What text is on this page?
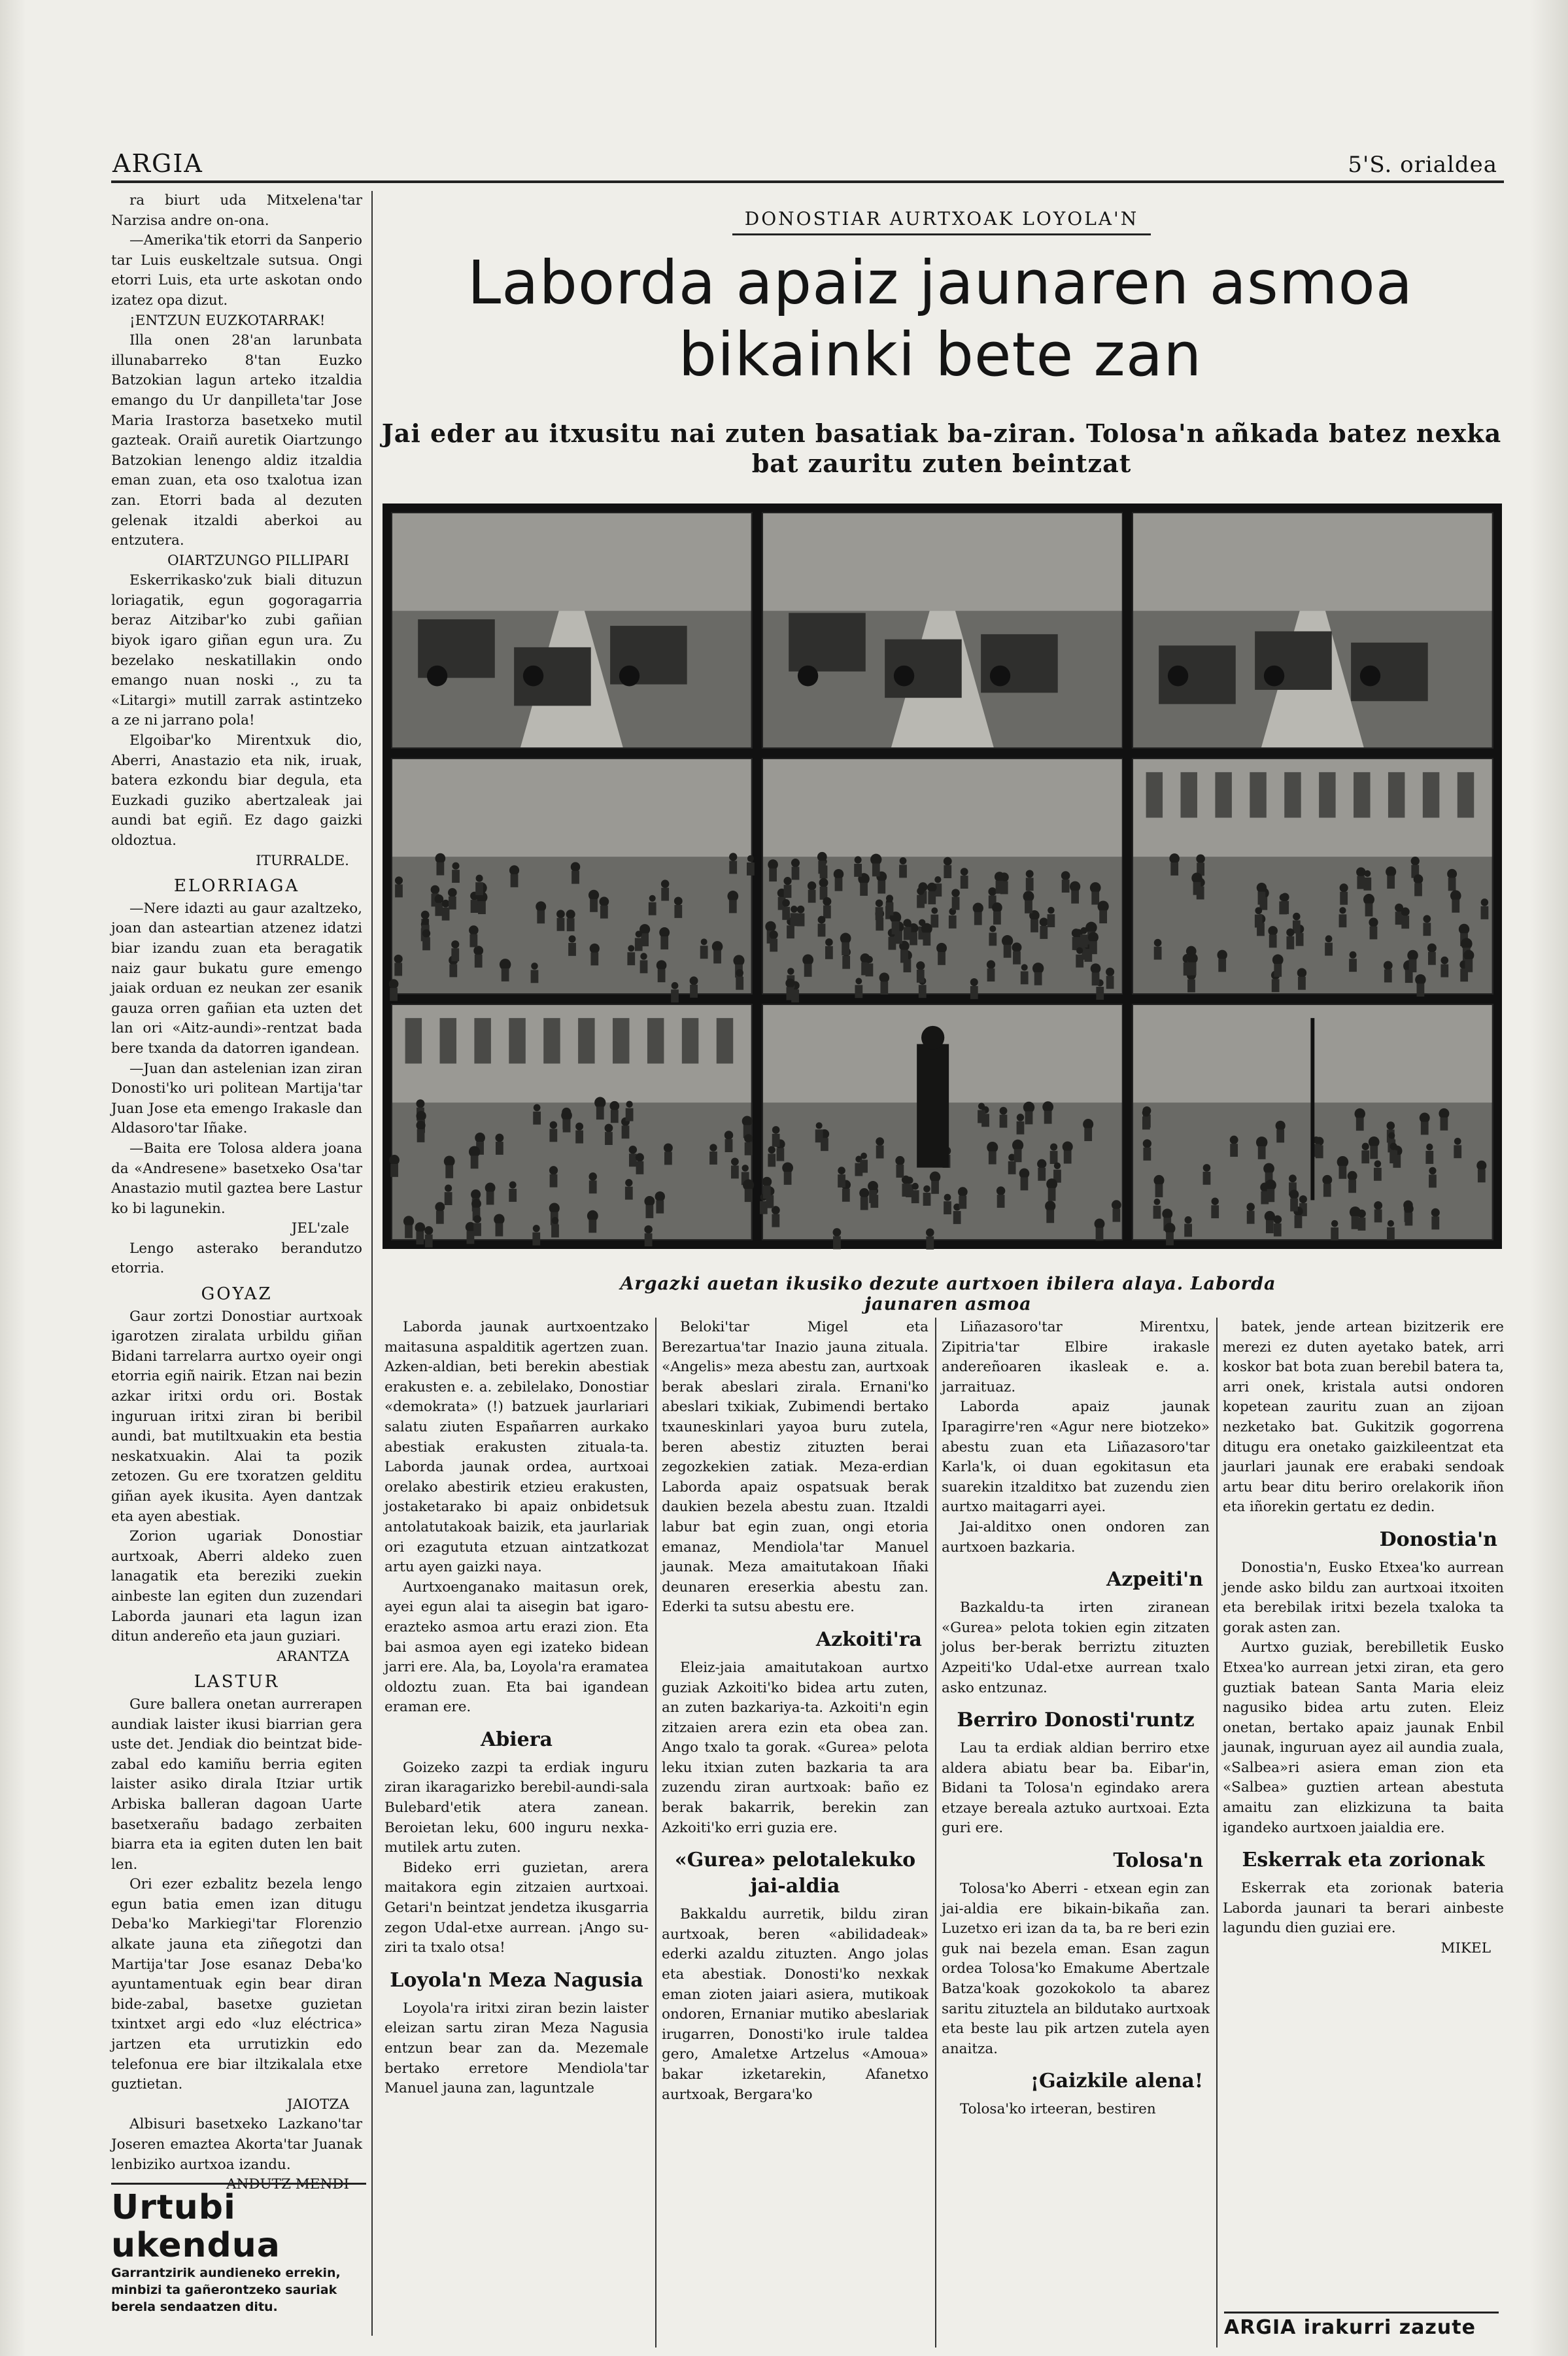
ARGIA	5'S. orialdea

ra biurt uda Mitxelena'tar Narzisa andre on-ona.

—Amerika'tik etorri da Sanperio tar Luis euskeltzale sutsua. Ongi etorri Luis, eta urte askotan ondo izatez opa dizut.

¡ENTZUN EUZKOTARRAK!

Illa onen 28'an larunbata illunabarreko 8'tan Euzko Batzokian lagun arteko itzaldia emango du Ur danpilleta'tar Jose Maria Irastorza basetxeko mutil gazteak. Oraiñ auretik Oiartzungo Batzokian lenengo aldiz itzaldia eman zuan, eta oso txalotua izan zan. Etorri bada al dezuten gelenak itzaldi aberkoi au entzutera.

OIARTZUNGO PILLIPARI

Eskerrikasko'zuk biali dituzun loriagatik, egun gogoragarria beraz Aitzibar'ko zubi gañian biyok igaro giñan egun ura. Zu bezelako neskatillakin ondo emango nuan noski ., zu ta «Litargi» mutill zarrak astintzeko a ze ni jarrano pola!

Elgoibar'ko Mirentxuk dio, Aberri, Anastazio eta nik, iruak, batera ezkondu biar degula, eta Euzkadi guziko abertzaleak jai aundi bat egiñ. Ez dago gaizki oldoztua.

ITURRALDE.

ELORRIAGA

—Nere idazti au gaur azaltzeko, joan dan asteartian atzenez idatzi biar izandu zuan eta beragatik naiz gaur bukatu gure emengo jaiak orduan ez neukan zer esanik gauza orren gañian eta uzten det lan ori «Aitz-aundi»-rentzat bada bere txanda da datorren igandean.

—Juan dan astelenian izan ziran Donosti'ko uri politean Martija'tar Juan Jose eta emengo Irakasle dan Aldasoro'tar Iñake.

—Baita ere Tolosa aldera joana da «Andresene» basetxeko Osa'tar Anastazio mutil gaztea bere Lastur ko bi lagunekin.

JEL'zale

Lengo asterako berandutzo etorria.

GOYAZ

Gaur zortzi Donostiar aurtxoak igarotzen ziralata urbildu giñan Bidani tarrelarra aurtxo oyeir ongi etorria egiñ nairik. Etzan nai bezin azkar iritxi ordu ori. Bostak inguruan iritxi ziran bi beribil aundi, bat mutiltxuakin eta bestia neskatxuakin. Alai ta pozik zetozen. Gu ere txoratzen gelditu giñan ayek ikusita. Ayen dantzak eta ayen abestiak.

Zorion ugariak Donostiar aurtxoak, Aberri aldeko zuen lanagatik eta bereziki zuekin ainbeste lan egiten dun zuzendari Laborda jaunari eta lagun izan ditun andereño eta jaun guziari.

ARANTZA

LASTUR

Gure ballera onetan aurrerapen aundiak laister ikusi biarrian gera uste det. Jendiak dio beintzat bide-zabal edo kamiñu berria egiten laister asiko dirala Itziar urtik Arbiska balleran dagoan Uarte basetxerañu badago zerbaiten biarra eta ia egiten duten len bait len.

Ori ezer ezbalitz bezela lengo egun batia emen izan ditugu Deba'ko Markiegi'tar Florenzio alkate jauna eta ziñegotzi dan Martija'tar Jose esanaz Deba'ko ayuntamentuak egin bear diran bide-zabal, basetxe guzietan txintxet argi edo «luz eléctrica» jartzen eta urrutizkin edo telefonua ere biar iltzikalala etxe guztietan.

JAIOTZA

Albisuri basetxeko Lazkano'tar Joseren emaztea Akorta'tar Juanak lenbiziko aurtxoa izandu.

ANDUTZ MENDI

Urtubi ukendua
Garrantzirik aundieneko errekin, minbizi ta gañerontzeko sauriak berela sendaatzen ditu.
DONOSTIAR AURTXOAK LOYOLA'N
Laborda apaiz jaunaren asmoa bikainki bete zan
Jai eder au itxusitu nai zuten basatiak ba-ziran. Tolosa'n añkada batez nexka bat zauritu zuten beintzat
Argazki auetan ikusiko dezute aurtxoen ibilera alaya. Laborda jaunaren asmoa

Laborda jaunak aurtxoentzako maitasuna aspalditik agertzen zuan. Azken-aldian, beti berekin abestiak erakusten e. a. zebilelako, Donostiar «demokrata» (!) batzuek jaurlariari salatu ziuten Españarren aurkako abestiak erakusten zituala-ta. Laborda jaunak ordea, aurtxoai orelako abestirik etzieu erakusten, jostaketarako bi apaiz onbidetsuk antolatutakoak baizik, eta jaurlariak ori ezagututa etzuan aintzatkozat artu ayen gaizki naya.

Aurtxoenganako maitasun orek, ayei egun alai ta aisegin bat igaro-erazteko asmoa artu erazi zion. Eta bai asmoa ayen egi izateko bidean jarri ere. Ala, ba, Loyola'ra eramatea oldoztu zuan. Eta bai igandean eraman ere.

Abiera

Goizeko zazpi ta erdiak inguru ziran ikaragarizko berebil-aundi-sala Bulebard'etik atera zanean. Beroietan leku, 600 inguru nexka-mutilek artu zuten.

Bideko erri guzietan, arera maitakora egin zitzaien aurtxoai. Getari'n beintzat jendetza ikusgarria zegon Udal-etxe aurrean. ¡Ango su-ziri ta txalo otsa!

Loyola'n Meza Nagusia

Loyola'ra iritxi ziran bezin laister eleizan sartu ziran Meza Nagusia entzun bear zan da. Mezemale bertako erretore Mendiola'tar Manuel jauna zan, laguntzale

Beloki'tar Migel eta Berezartua'tar Inazio jauna zituala. «Angelis» meza abestu zan, aurtxoak berak abeslari zirala. Ernani'ko abeslari txikiak, Zubimendi bertako txauneskinlari yayoa buru zutela, beren abestiz zituzten berai zegozkekien zatiak. Meza-erdian Laborda apaiz ospatsuak berak daukien bezela abestu zuan. Itzaldi labur bat egin zuan, ongi etoria emanaz, Mendiola'tar Manuel jaunak. Meza amaitutakoan Iñaki deunaren ereserkia abestu zan. Ederki ta sutsu abestu ere.

Azkoiti'ra

Eleiz-jaia amaitutakoan aurtxo guziak Azkoiti'ko bidea artu zuten, an zuten bazkariya-ta. Azkoiti'n egin zitzaien arera ezin eta obea zan. Ango txalo ta gorak. «Gurea» pelota leku itxian zuten bazkaria ta ara zuzendu ziran aurtxoak: baño ez berak bakarrik, berekin zan Azkoiti'ko erri guzia ere.

«Gurea» pelotalekuko jai-aldia

Bakkaldu aurretik, bildu ziran aurtxoak, beren «abilidadeak» ederki azaldu zituzten. Ango jolas eta abestiak. Donosti'ko nexkak eman zioten jaiari asiera, mutikoak ondoren, Ernaniar mutiko abeslariak irugarren, Donosti'ko irule taldea gero, Amaletxe Artzelus «Amoua» bakar izketarekin, Afanetxo aurtxoak, Bergara'ko

Liñazasoro'tar Mirentxu, Zipitria'tar Elbire irakasle andereñoaren ikasleak e. a. jarraituaz.

Laborda apaiz jaunak Iparagirre'ren «Agur nere biotzeko» abestu zuan eta Liñazasoro'tar Karla'k, oi duan egokitasun eta suarekin itzalditxo bat zuzendu zien aurtxo maitagarri ayei.

Jai-alditxo onen ondoren zan aurtxoen bazkaria.

Azpeiti'n

Bazkaldu-ta irten ziranean «Gurea» pelota tokien egin zitzaten jolus ber-berak berriztu zituzten Azpeiti'ko Udal-etxe aurrean txalo asko entzunaz.

Berriro Donosti'runtz

Lau ta erdiak aldian berriro etxe aldera abiatu bear ba. Eibar'in, Bidani ta Tolosa'n egindako arera etzaye bereala aztuko aurtxoai. Ezta guri ere.

Tolosa'n

Tolosa'ko Aberri - etxean egin zan jai-aldia ere bikain-bikaña zan. Luzetxo eri izan da ta, ba re beri ezin guk nai bezela eman. Esan zagun ordea Tolosa'ko Emakume Abertzale Batza'koak gozokokolo ta abarez saritu zituztela an bildutako aurtxoak eta beste lau pik artzen zutela ayen anaitza.

¡Gaizkile alena!

Tolosa'ko irteeran, bestiren

batek, jende artean bizitzerik ere merezi ez duten ayetako batek, arri koskor bat bota zuan berebil batera ta, arri onek, kristala autsi ondoren kopetean zauritu zuan an zijoan nezketako bat. Gukitzik gogorrena ditugu era onetako gaizkileentzat eta jaurlari jaunak ere erabaki sendoak artu bear ditu beriro orelakorik iñon eta iñorekin gertatu ez dedin.

Donostia'n

Donostia'n, Eusko Etxea'ko aurrean jende asko bildu zan aurtxoai itxoiten eta berebilak iritxi bezela txaloka ta gorak asten zan.

Aurtxo guziak, berebilletik Eusko Etxea'ko aurrean jetxi ziran, eta gero guztiak batean Santa Maria eleiz nagusiko bidea artu zuten. Eleiz onetan, bertako apaiz jaunak Enbil jaunak, inguruan ayez ail aundia zuala, «Salbea»ri asiera eman zion eta «Salbea» guztien artean abestuta amaitu zan elizkizuna ta baita igandeko aurtxoen jaialdia ere.

Eskerrak eta zorionak

Eskerrak eta zorionak bateria Laborda jaunari ta berari ainbeste lagundu dien guziai ere.

MIKEL

ARGIA irakurri zazute
